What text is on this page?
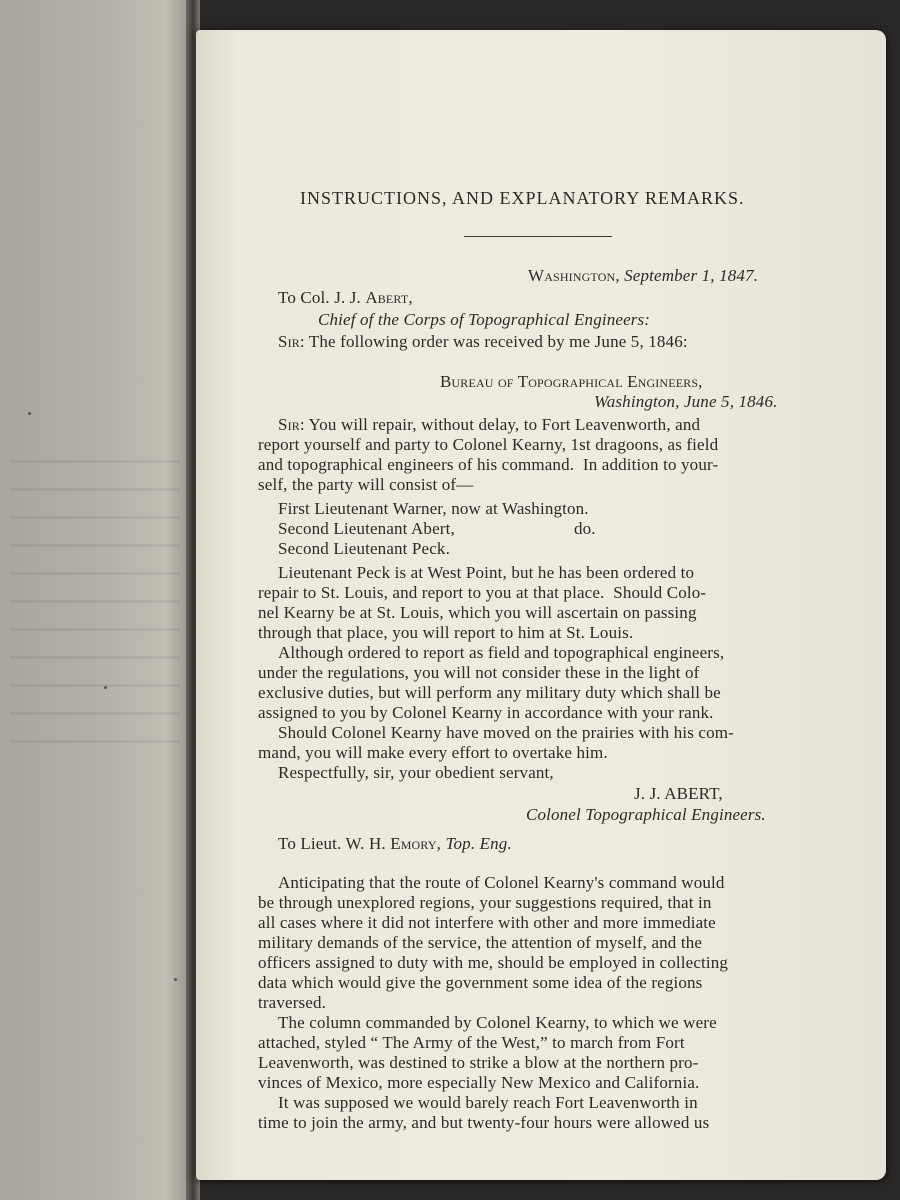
INSTRUCTIONS, AND EXPLANATORY REMARKS.
Washington, September 1, 1847.
To Col. J. J. Abert,
Chief of the Corps of Topographical Engineers:
Sir: The following order was received by me June 5, 1846:
Bureau of Topographical Engineers,
Washington, June 5, 1846.
Sir: You will repair, without delay, to Fort Leavenworth, and
report yourself and party to Colonel Kearny, 1st dragoons, as field
and topographical engineers of his command.  In addition to your-
self, the party will consist of—
First Lieutenant Warner, now at Washington.
Second Lieutenant Abert,	do.
Second Lieutenant Peck.
Lieutenant Peck is at West Point, but he has been ordered to
repair to St. Louis, and report to you at that place.  Should Colo-
nel Kearny be at St. Louis, which you will ascertain on passing
through that place, you will report to him at St. Louis.
Although ordered to report as field and topographical engineers,
under the regulations, you will not consider these in the light of
exclusive duties, but will perform any military duty which shall be
assigned to you by Colonel Kearny in accordance with your rank.
Should Colonel Kearny have moved on the prairies with his com-
mand, you will make every effort to overtake him.
Respectfully, sir, your obedient servant,
J. J. ABERT,
Colonel Topographical Engineers.
To Lieut. W. H. Emory, Top. Eng.
Anticipating that the route of Colonel Kearny's command would
be through unexplored regions, your suggestions required, that in
all cases where it did not interfere with other and more immediate
military demands of the service, the attention of myself, and the
officers assigned to duty with me, should be employed in collecting
data which would give the government some idea of the regions
traversed.
The column commanded by Colonel Kearny, to which we were
attached, styled “ The Army of the West,” to march from Fort
Leavenworth, was destined to strike a blow at the northern pro-
vinces of Mexico, more especially New Mexico and California.
It was supposed we would barely reach Fort Leavenworth in
time to join the army, and but twenty-four hours were allowed us
